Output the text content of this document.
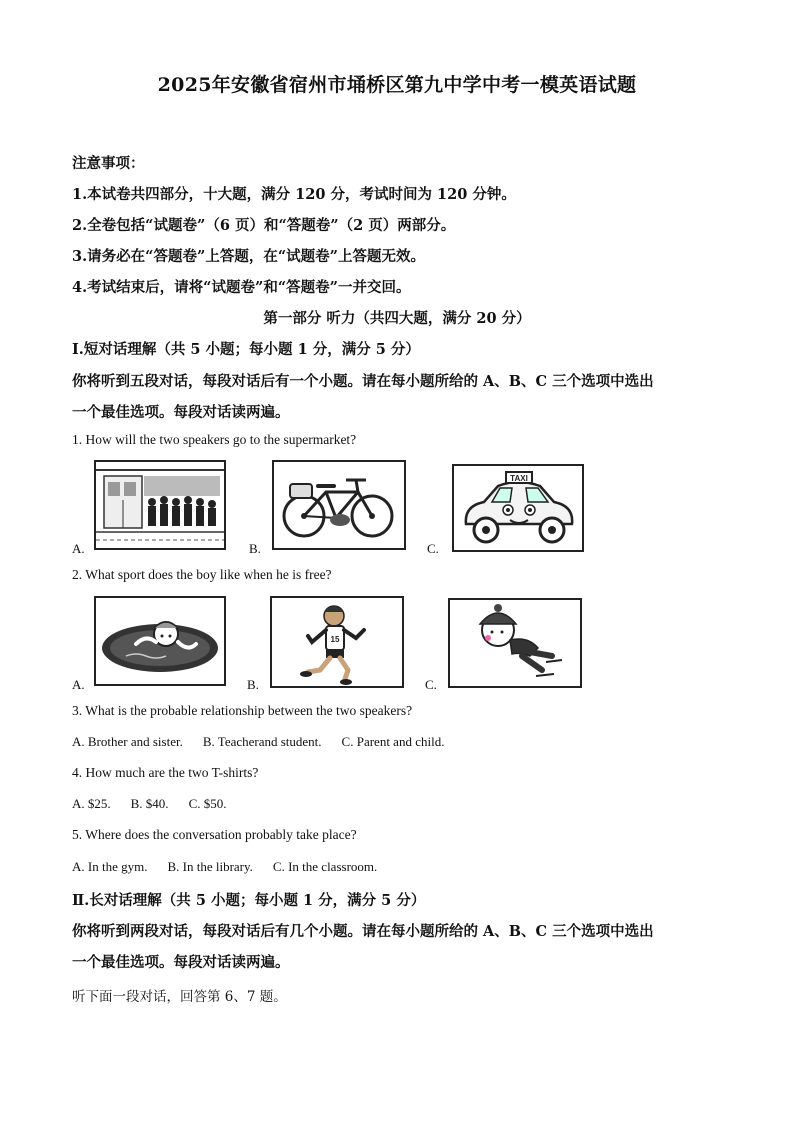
2025年安徽省宿州市埇桥区第九中学中考一模英语试题
注意事项：
1.本试卷共四部分，十大题，满分 120 分，考试时间为 120 分钟。
2.全卷包括“试题卷”（6 页）和“答题卷”（2 页）两部分。
3.请务必在“答题卷”上答题，在“试题卷”上答题无效。
4.考试结束后，请将“试题卷”和“答题卷”一并交回。
第一部分 听力（共四大题，满分 20 分）
Ⅰ.短对话理解（共 5 小题；每小题 1 分，满分 5 分）
你将听到五段对话，每段对话后有一个小题。请在每小题所给的 A、B、C 三个选项中选出
一个最佳选项。每段对话读两遍。
1. How will the two speakers go to the supermarket?
TAXI
A.	B.	C.
2. What sport does the boy like when he is free?
15
A.	B.	C.
3. What is the probable relationship between the two speakers?
A. Brother and sister. B. Teacherand student. C. Parent and child.
4. How much are the two T-shirts?
A. $25. B. $40. C. $50.
5. Where does the conversation probably take place?
A. In the gym. B. In the library. C. In the classroom.
Ⅱ.长对话理解（共 5 小题；每小题 1 分，满分 5 分）
你将听到两段对话，每段对话后有几个小题。请在每小题所给的 A、B、C 三个选项中选出
一个最佳选项。每段对话读两遍。
听下面一段对话，回答第 6、7 题。
